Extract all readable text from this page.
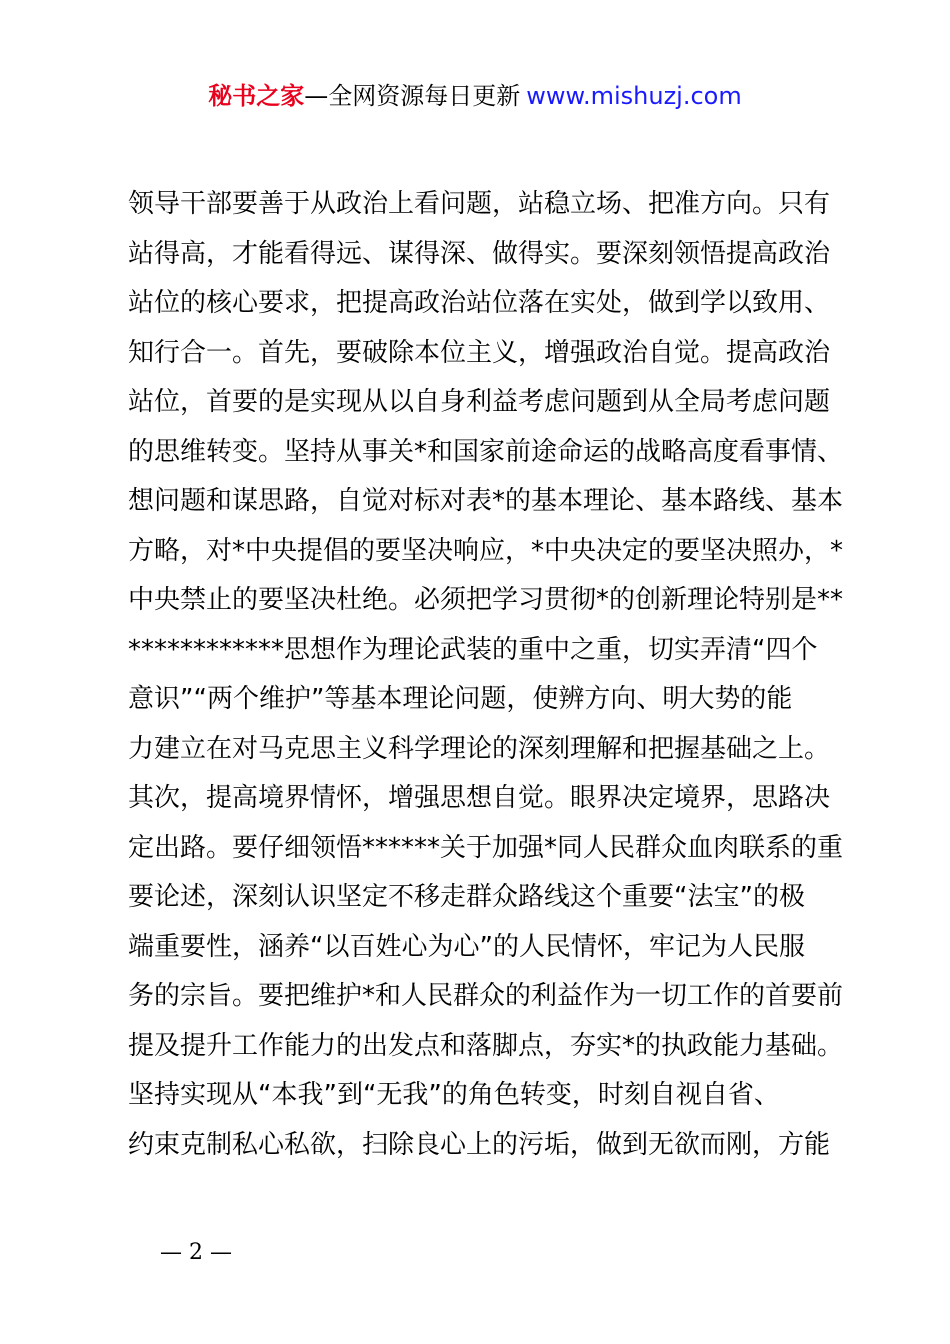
秘书之家—全网资源每日更新 www.mishuzj.com
领导干部要善于从政治上看问题，站稳立场、把准方向。只有
站得高，才能看得远、谋得深、做得实。要深刻领悟提高政治
站位的核心要求，把提高政治站位落在实处，做到学以致用、
知行合一。首先，要破除本位主义，增强政治自觉。提高政治
站位，首要的是实现从以自身利益考虑问题到从全局考虑问题
的思维转变。坚持从事关*和国家前途命运的战略高度看事情、
想问题和谋思路，自觉对标对表*的基本理论、基本路线、基本
方略，对*中央提倡的要坚决响应，*中央决定的要坚决照办，*
中央禁止的要坚决杜绝。必须把学习贯彻*的创新理论特别是**
************思想作为理论武装的重中之重，切实弄清“四个
意识”“两个维护”等基本理论问题，使辨方向、明大势的能
力建立在对马克思主义科学理论的深刻理解和把握基础之上。
其次，提高境界情怀，增强思想自觉。眼界决定境界，思路决
定出路。要仔细领悟******关于加强*同人民群众血肉联系的重
要论述，深刻认识坚定不移走群众路线这个重要“法宝”的极
端重要性，涵养“以百姓心为心”的人民情怀，牢记为人民服
务的宗旨。要把维护*和人民群众的利益作为一切工作的首要前
提及提升工作能力的出发点和落脚点，夯实*的执政能力基础。
坚持实现从“本我”到“无我”的角色转变，时刻自视自省、
约束克制私心私欲，扫除良心上的污垢，做到无欲而刚，方能
— 2 —
